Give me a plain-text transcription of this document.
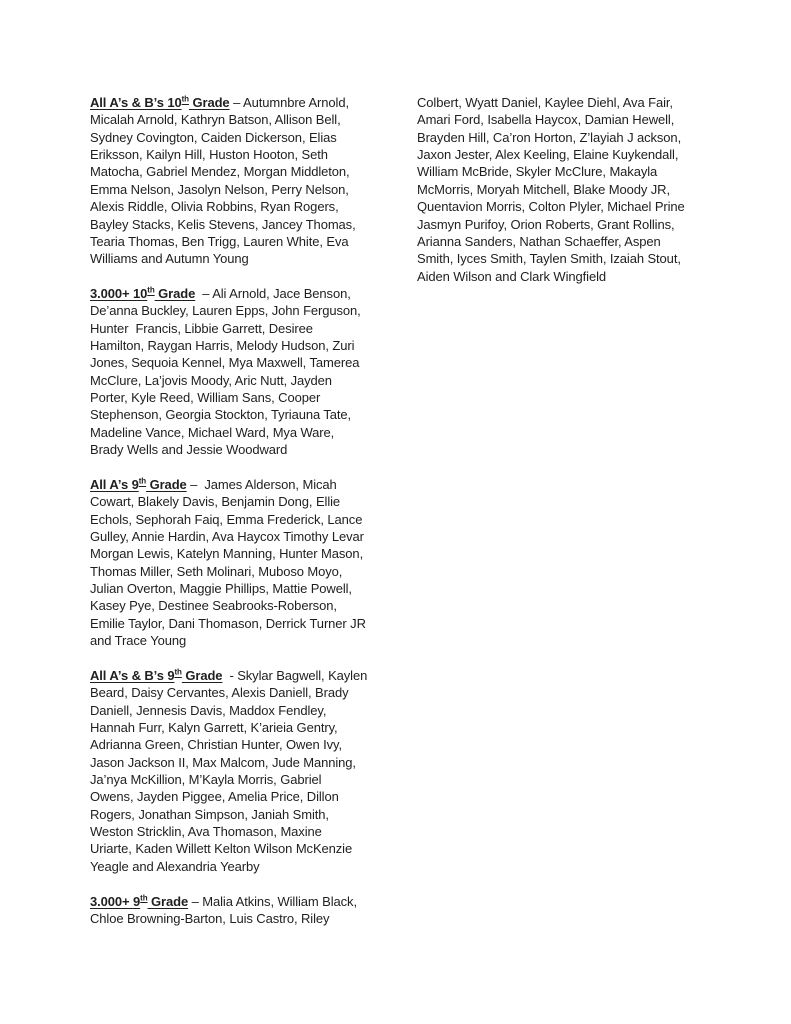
All A’s & B’s 10th Grade – Autumnbre Arnold,
Micalah Arnold, Kathryn Batson, Allison Bell,
Sydney Covington, Caiden Dickerson, Elias
Eriksson, Kailyn Hill, Huston Hooton, Seth
Matocha, Gabriel Mendez, Morgan Middleton,
Emma Nelson, Jasolyn Nelson, Perry Nelson,
Alexis Riddle, Olivia Robbins, Ryan Rogers,
Bayley Stacks, Kelis Stevens, Jancey Thomas,
Tearia Thomas, Ben Trigg, Lauren White, Eva
Williams and Autumn Young
3.000+ 10th Grade  – Ali Arnold, Jace Benson,
De’anna Buckley, Lauren Epps, John Ferguson,
Hunter  Francis, Libbie Garrett, Desiree
Hamilton, Raygan Harris, Melody Hudson, Zuri
Jones, Sequoia Kennel, Mya Maxwell, Tamerea
McClure, La’jovis Moody, Aric Nutt, Jayden
Porter, Kyle Reed, William Sans, Cooper
Stephenson, Georgia Stockton, Tyriauna Tate,
Madeline Vance, Michael Ward, Mya Ware,
Brady Wells and Jessie Woodward
All A’s 9th Grade –  James Alderson, Micah
Cowart, Blakely Davis, Benjamin Dong, Ellie
Echols, Sephorah Faiq, Emma Frederick, Lance
Gulley, Annie Hardin, Ava Haycox Timothy Levar
Morgan Lewis, Katelyn Manning, Hunter Mason,
Thomas Miller, Seth Molinari, Muboso Moyo,
Julian Overton, Maggie Phillips, Mattie Powell,
Kasey Pye, Destinee Seabrooks-Roberson,
Emilie Taylor, Dani Thomason, Derrick Turner JR
and Trace Young
All A’s & B’s 9th Grade  - Skylar Bagwell, Kaylen
Beard, Daisy Cervantes, Alexis Daniell, Brady
Daniell, Jennesis Davis, Maddox Fendley,
Hannah Furr, Kalyn Garrett, K’arieia Gentry,
Adrianna Green, Christian Hunter, Owen Ivy,
Jason Jackson II, Max Malcom, Jude Manning,
Ja’nya McKillion, M’Kayla Morris, Gabriel
Owens, Jayden Piggee, Amelia Price, Dillon
Rogers, Jonathan Simpson, Janiah Smith,
Weston Stricklin, Ava Thomason, Maxine
Uriarte, Kaden Willett Kelton Wilson McKenzie
Yeagle and Alexandria Yearby
3.000+ 9th Grade – Malia Atkins, William Black,
Chloe Browning-Barton, Luis Castro, Riley
Colbert, Wyatt Daniel, Kaylee Diehl, Ava Fair,
Amari Ford, Isabella Haycox, Damian Hewell,
Brayden Hill, Ca’ron Horton, Z’layiah J ackson,
Jaxon Jester, Alex Keeling, Elaine Kuykendall,
William McBride, Skyler McClure, Makayla
McMorris, Moryah Mitchell, Blake Moody JR,
Quentavion Morris, Colton Plyler, Michael Prine
Jasmyn Purifoy, Orion Roberts, Grant Rollins,
Arianna Sanders, Nathan Schaeffer, Aspen
Smith, Iyces Smith, Taylen Smith, Izaiah Stout,
Aiden Wilson and Clark Wingfield
